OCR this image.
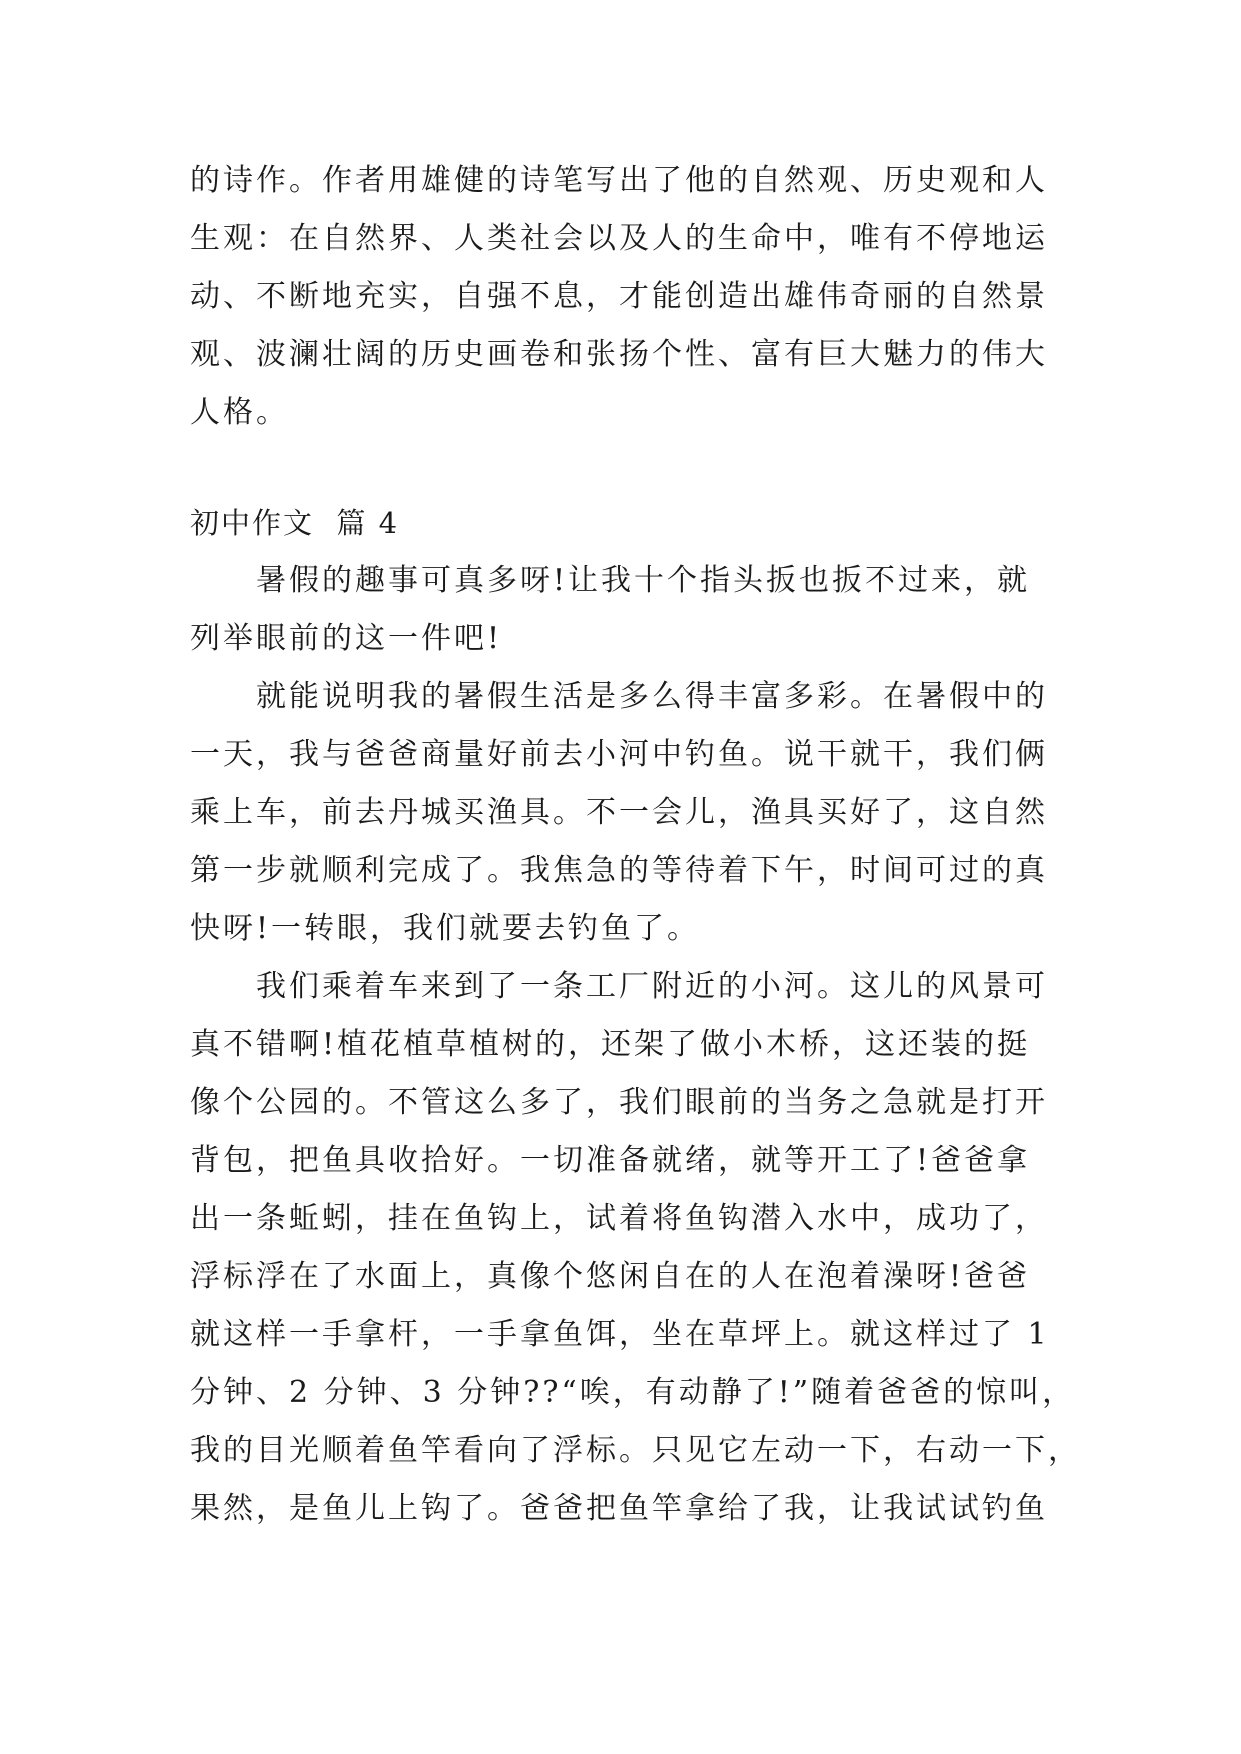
的诗作。作者用雄健的诗笔写出了他的自然观、历史观和人
生观：在自然界、人类社会以及人的生命中，唯有不停地运
动、不断地充实，自强不息，才能创造出雄伟奇丽的自然景
观、波澜壮阔的历史画卷和张扬个性、富有巨大魅力的伟大
人格。
初中作文  篇 4
暑假的趣事可真多呀!让我十个指头扳也扳不过来，就
列举眼前的这一件吧!
就能说明我的暑假生活是多么得丰富多彩。在暑假中的
一天，我与爸爸商量好前去小河中钓鱼。说干就干，我们俩
乘上车，前去丹城买渔具。不一会儿，渔具买好了，这自然
第一步就顺利完成了。我焦急的等待着下午，时间可过的真
快呀!一转眼，我们就要去钓鱼了。
我们乘着车来到了一条工厂附近的小河。这儿的风景可
真不错啊!植花植草植树的，还架了做小木桥，这还装的挺
像个公园的。不管这么多了，我们眼前的当务之急就是打开
背包，把鱼具收拾好。一切准备就绪，就等开工了!爸爸拿
出一条蚯蚓，挂在鱼钩上，试着将鱼钩潜入水中，成功了，
浮标浮在了水面上，真像个悠闲自在的人在泡着澡呀!爸爸
就这样一手拿杆，一手拿鱼饵，坐在草坪上。就这样过了 1
分钟、2 分钟、3 分钟??“唉，有动静了!”随着爸爸的惊叫，
我的目光顺着鱼竿看向了浮标。只见它左动一下，右动一下，
果然，是鱼儿上钩了。爸爸把鱼竿拿给了我，让我试试钓鱼
